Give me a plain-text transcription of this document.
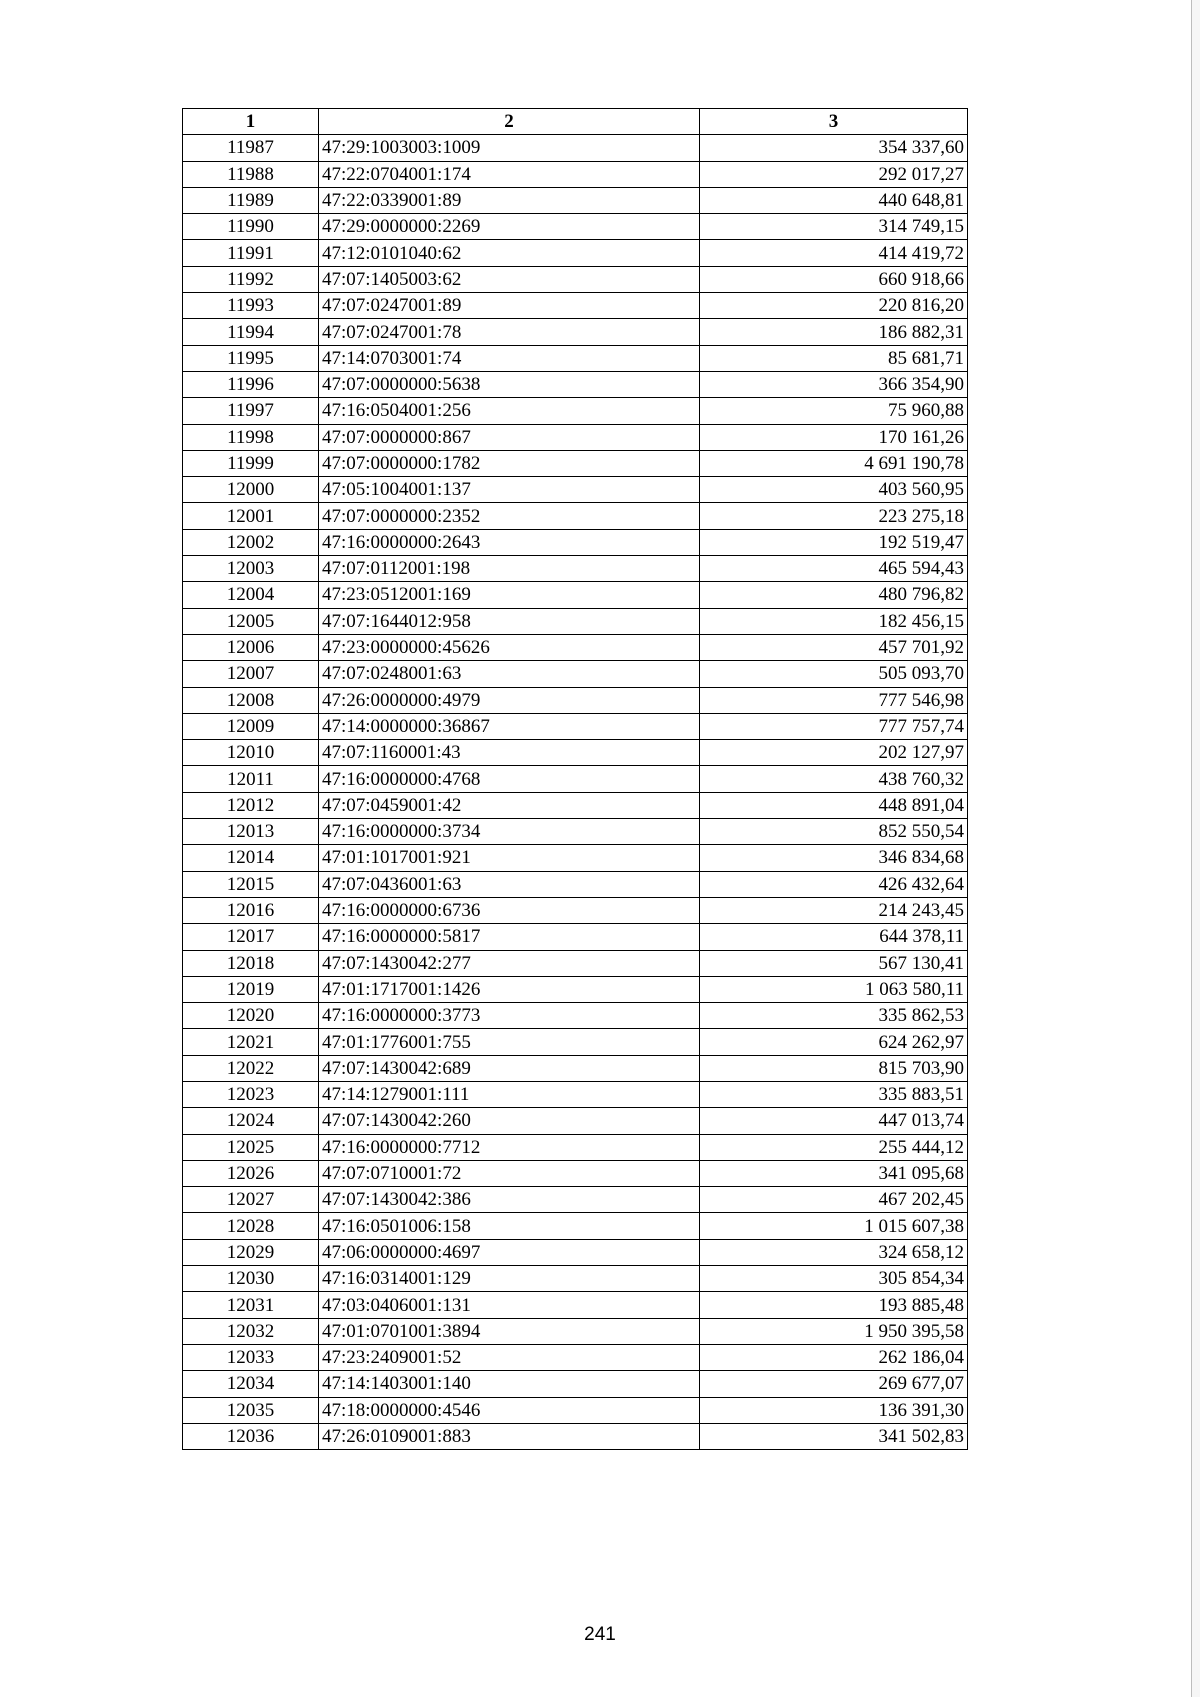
1	2	3
11987	47:29:1003003:1009	354 337,60
11988	47:22:0704001:174	292 017,27
11989	47:22:0339001:89	440 648,81
11990	47:29:0000000:2269	314 749,15
11991	47:12:0101040:62	414 419,72
11992	47:07:1405003:62	660 918,66
11993	47:07:0247001:89	220 816,20
11994	47:07:0247001:78	186 882,31
11995	47:14:0703001:74	85 681,71
11996	47:07:0000000:5638	366 354,90
11997	47:16:0504001:256	75 960,88
11998	47:07:0000000:867	170 161,26
11999	47:07:0000000:1782	4 691 190,78
12000	47:05:1004001:137	403 560,95
12001	47:07:0000000:2352	223 275,18
12002	47:16:0000000:2643	192 519,47
12003	47:07:0112001:198	465 594,43
12004	47:23:0512001:169	480 796,82
12005	47:07:1644012:958	182 456,15
12006	47:23:0000000:45626	457 701,92
12007	47:07:0248001:63	505 093,70
12008	47:26:0000000:4979	777 546,98
12009	47:14:0000000:36867	777 757,74
12010	47:07:1160001:43	202 127,97
12011	47:16:0000000:4768	438 760,32
12012	47:07:0459001:42	448 891,04
12013	47:16:0000000:3734	852 550,54
12014	47:01:1017001:921	346 834,68
12015	47:07:0436001:63	426 432,64
12016	47:16:0000000:6736	214 243,45
12017	47:16:0000000:5817	644 378,11
12018	47:07:1430042:277	567 130,41
12019	47:01:1717001:1426	1 063 580,11
12020	47:16:0000000:3773	335 862,53
12021	47:01:1776001:755	624 262,97
12022	47:07:1430042:689	815 703,90
12023	47:14:1279001:111	335 883,51
12024	47:07:1430042:260	447 013,74
12025	47:16:0000000:7712	255 444,12
12026	47:07:0710001:72	341 095,68
12027	47:07:1430042:386	467 202,45
12028	47:16:0501006:158	1 015 607,38
12029	47:06:0000000:4697	324 658,12
12030	47:16:0314001:129	305 854,34
12031	47:03:0406001:131	193 885,48
12032	47:01:0701001:3894	1 950 395,58
12033	47:23:2409001:52	262 186,04
12034	47:14:1403001:140	269 677,07
12035	47:18:0000000:4546	136 391,30
12036	47:26:0109001:883	341 502,83
241
